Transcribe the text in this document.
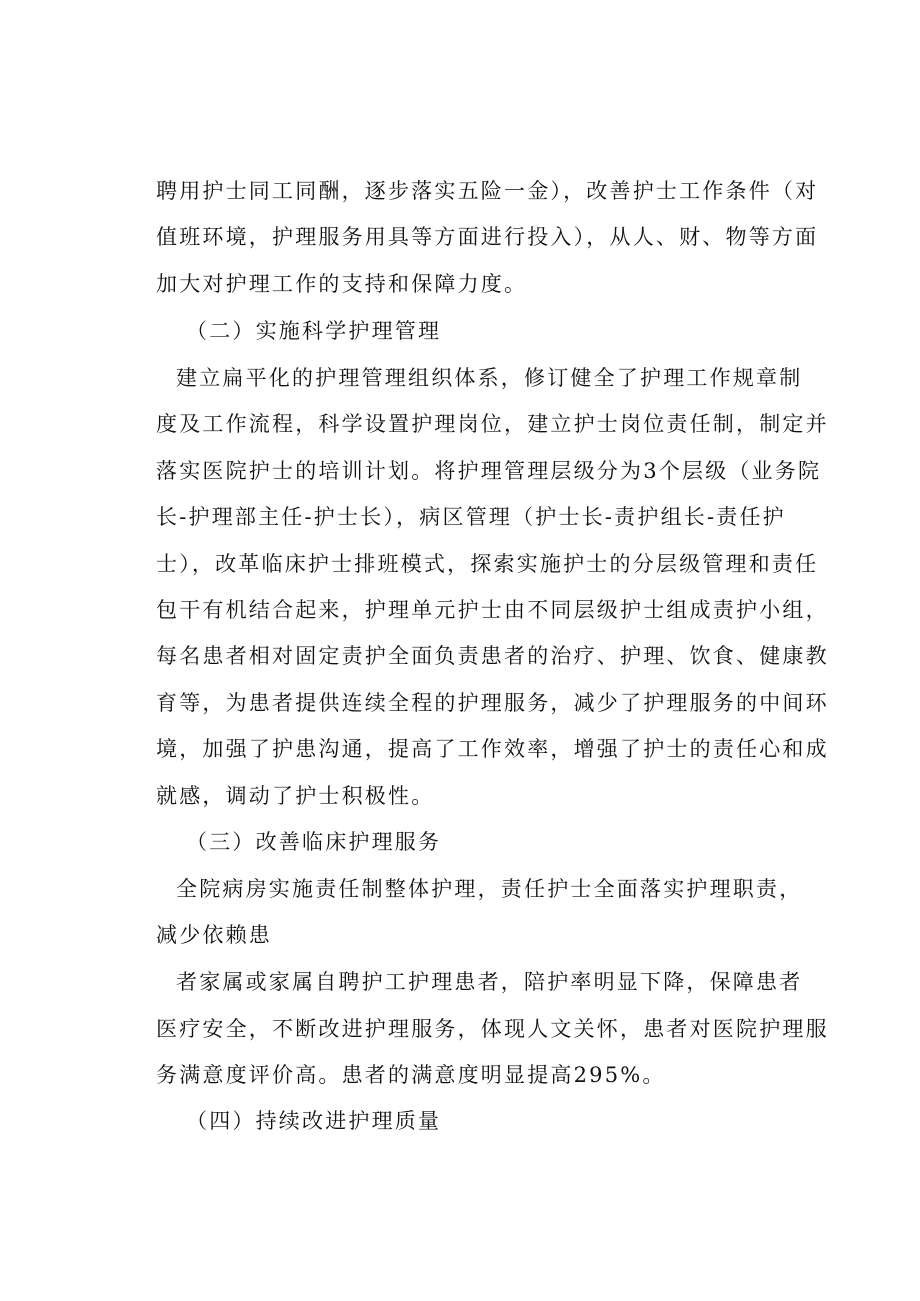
聘用护士同工同酬，逐步落实五险一金），改善护士工作条件（对
值班环境，护理服务用具等方面进行投入），从人、财、物等方面
加大对护理工作的支持和保障力度。
（二）实施科学护理管理
建立扁平化的护理管理组织体系，修订健全了护理工作规章制
度及工作流程，科学设置护理岗位，建立护士岗位责任制，制定并
落实医院护士的培训计划。将护理管理层级分为3个层级（业务院
长-护理部主任-护士长），病区管理（护士长-责护组长-责任护
士），改革临床护士排班模式，探索实施护士的分层级管理和责任
包干有机结合起来，护理单元护士由不同层级护士组成责护小组，
每名患者相对固定责护全面负责患者的治疗、护理、饮食、健康教
育等，为患者提供连续全程的护理服务，减少了护理服务的中间环
境，加强了护患沟通，提高了工作效率，增强了护士的责任心和成
就感，调动了护士积极性。
（三）改善临床护理服务
全院病房实施责任制整体护理，责任护士全面落实护理职责，
减少依赖患
者家属或家属自聘护工护理患者，陪护率明显下降，保障患者
医疗安全，不断改进护理服务，体现人文关怀，患者对医院护理服
务满意度评价高。患者的满意度明显提高295%。
（四）持续改进护理质量
